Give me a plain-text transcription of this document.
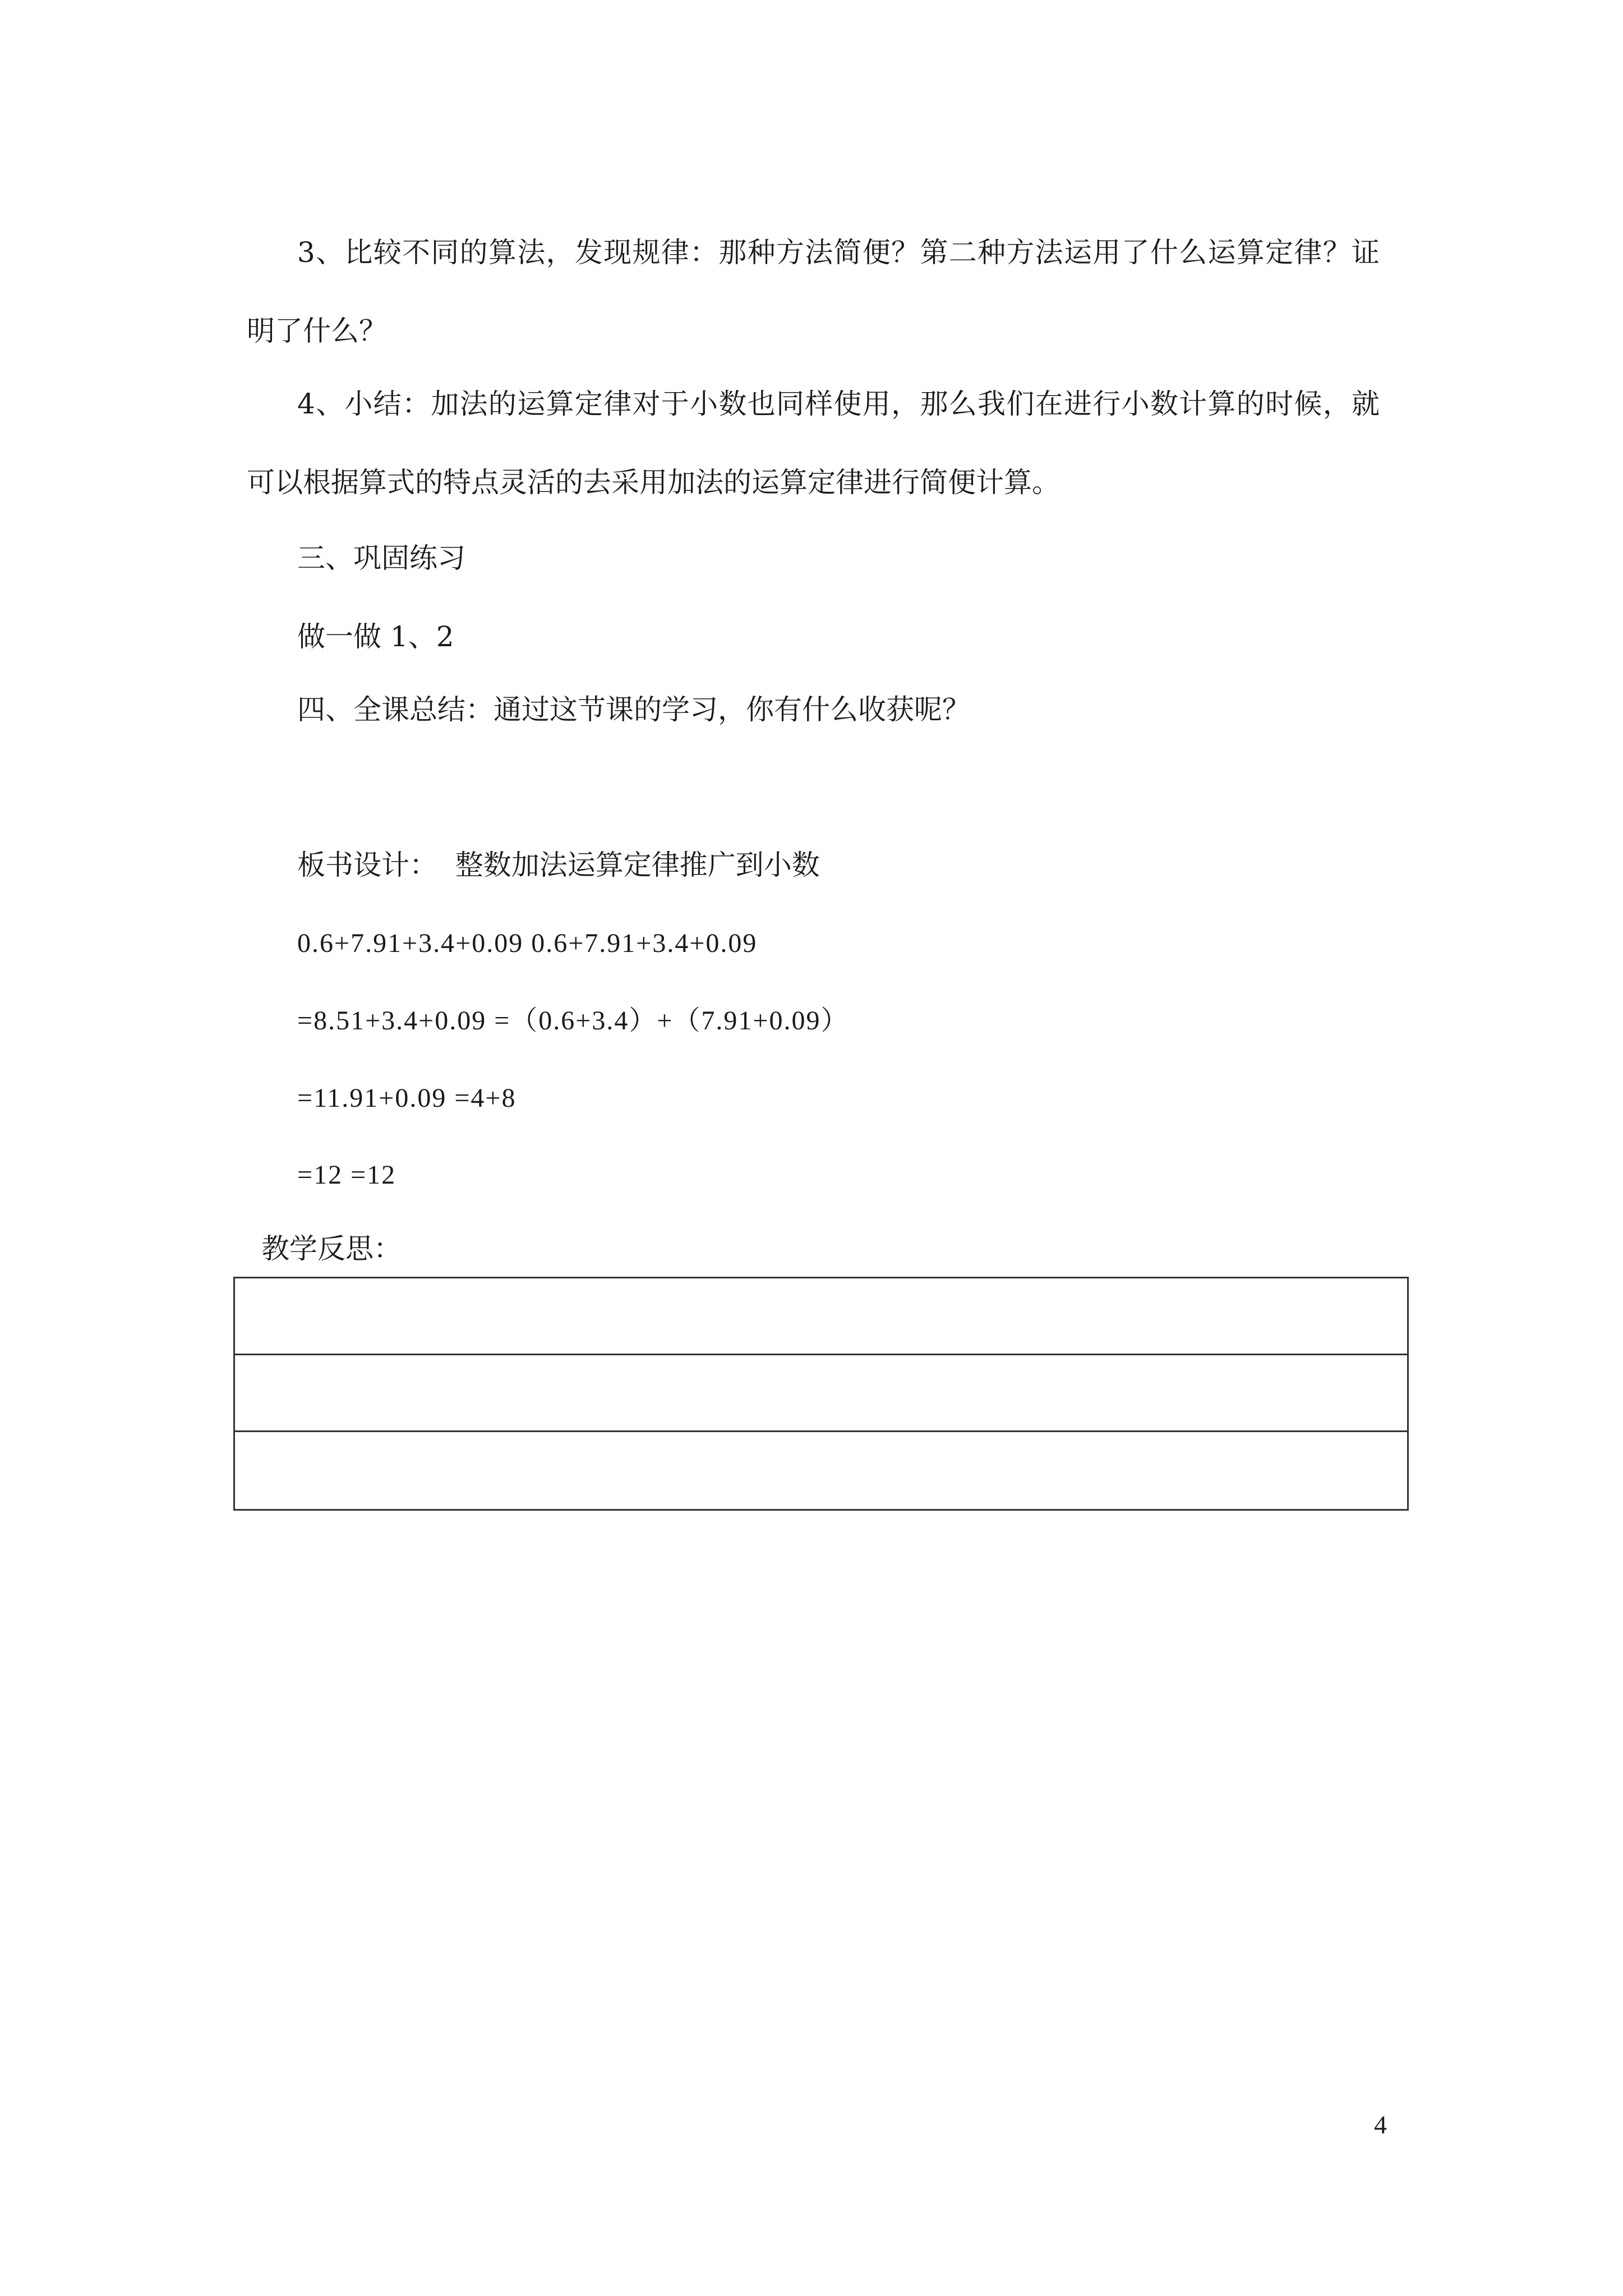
3、比较不同的算法，发现规律：那种方法简便？第二种方法运用了什么运算定律？证明了什么？
4、小结：加法的运算定律对于小数也同样使用，那么我们在进行小数计算的时候，就可以根据算式的特点灵活的去采用加法的运算定律进行简便计算。
三、巩固练习
做一做 1、2
四、全课总结：通过这节课的学习，你有什么收获呢？
板书设计：  整数加法运算定律推广到小数
0.6+7.91+3.4+0.09 0.6+7.91+3.4+0.09
=8.51+3.4+0.09 =（0.6+3.4）+（7.91+0.09）
=11.91+0.09 =4+8
=12 =12
教学反思：
4
